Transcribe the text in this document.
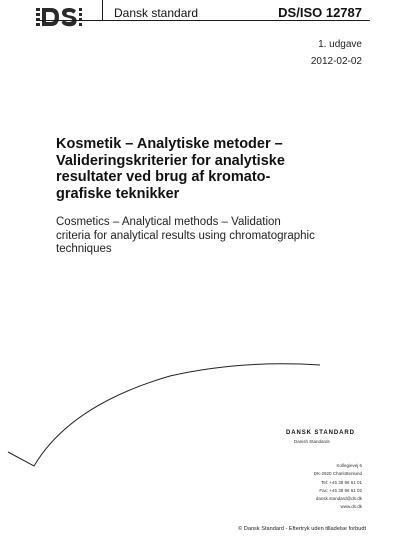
Dansk standard	DS/ISO 12787
1. udgave
2012-02-02
Kosmetik – Analytiske metoder –
Valideringskriterier for analytiske
resultater ved brug af kromato-
grafiske teknikker
Cosmetics – Analytical methods – Validation
criteria for analytical results using chromatographic
techniques
DANSK STANDARD
Danish Standards
Kollegievej 6
DK-2920 Charlottenlund
Tel: +45 39 96 61 01
Fax: +45 39 96 61 02
dansk.standard@ds.dk
www.ds.dk
© Dansk Standard - Eftertryk uden tilladelse forbudt
